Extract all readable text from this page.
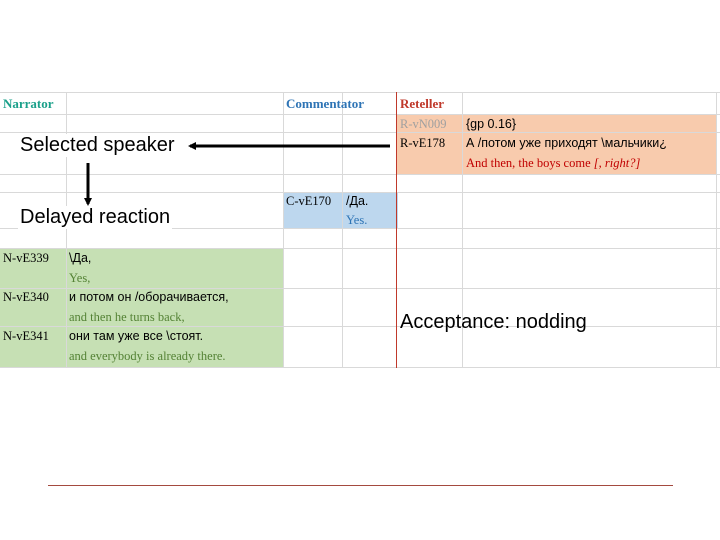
Narrator	Commentator	Reteller
R-vN009 {gp 0.16}
R-vE178 А /потом уже приходят \мальчики¿
And then, the boys come [, right?]
C-vE170 /Да.
Yes.
N-vE339 \Да,
Yes,
N-vE340 и потом он /оборачивается,
and then he turns back,
N-vE341 они там уже все \стоят.
and everybody is already there.
Selected speaker
Delayed reaction
Acceptance: nodding
